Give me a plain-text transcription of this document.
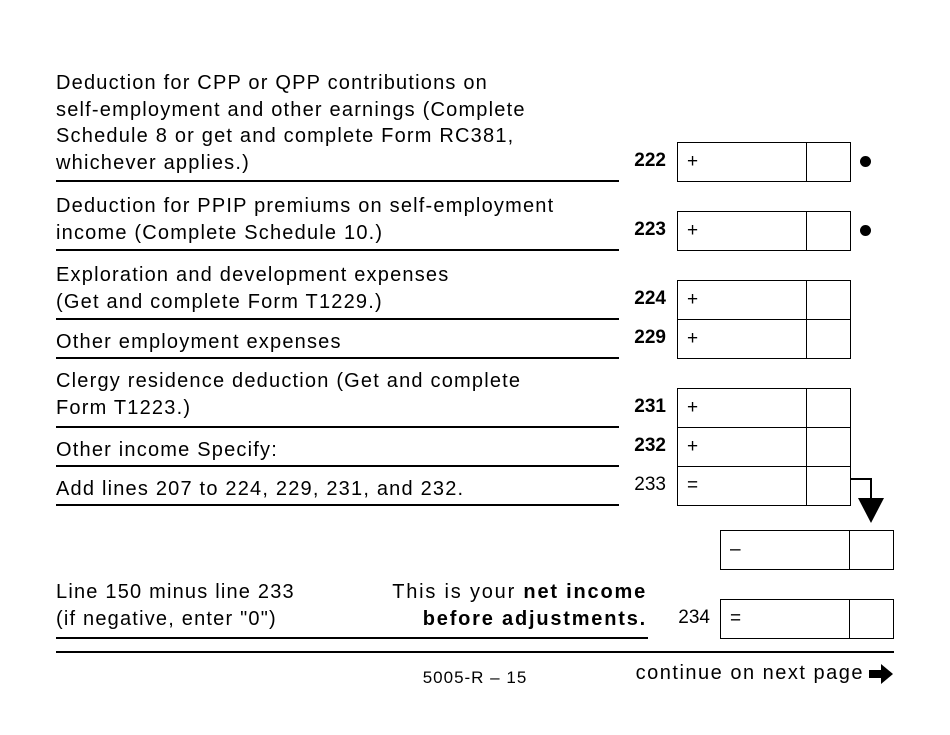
Deduction for CPP or QPP contributions on
self-employment and other earnings (Complete
Schedule 8 or get and complete Form RC381,
whichever applies.)	222 +

Deduction for PPIP premiums on self-employment
income (Complete Schedule 10.)	223 +

Exploration and development expenses
(Get and complete Form T1229.)	224 +

Other employment expenses	229 +

Clergy residence deduction (Get and complete
Form T1223.)	231 +

Other income Specify:	232 +

Add lines 207 to 224, 229, 231, and 232.	233 =
–
Line 150 minus line 233
(if negative, enter "0")
This is your net income
before adjustments.	234 =
5005-R – 15	continue on next page
